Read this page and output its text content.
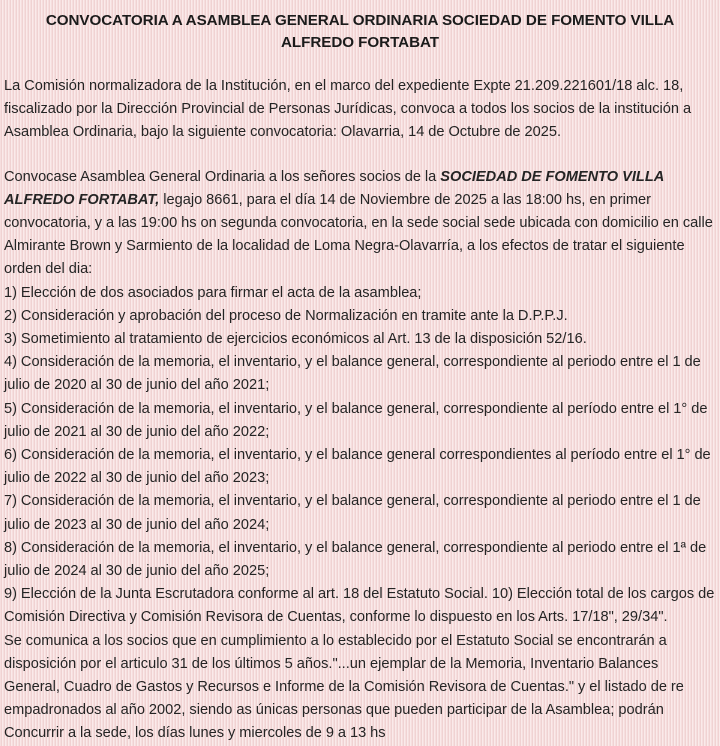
CONVOCATORIA A ASAMBLEA GENERAL ORDINARIA SOCIEDAD DE FOMENTO VILLA ALFREDO FORTABAT

La Comisión normalizadora de la Institución, en el marco del expediente Expte 21.209.221601/18 alc. 18, fiscalizado por la Dirección Provincial de Personas Jurídicas, convoca a todos los socios de la institución a Asamblea Ordinaria, bajo la siguiente convocatoria: Olavarria, 14 de Octubre de 2025.

Convocase Asamblea General Ordinaria a los señores socios de la SOCIEDAD DE FOMENTO VILLA ALFREDO FORTABAT, legajo 8661, para el día 14 de Noviembre de 2025 a las 18:00 hs, en primer convocatoria, y a las 19:00 hs on segunda convocatoria, en la sede social sede ubicada con domicilio en calle Almirante Brown y Sarmiento de la localidad de Loma Negra-Olavarría, a los efectos de tratar el siguiente orden del dia:

1) Elección de dos asociados para firmar el acta de la asamblea;

2) Consideración y aprobación del proceso de Normalización en tramite ante la D.P.P.J.

3) Sometimiento al tratamiento de ejercicios económicos al Art. 13 de la disposición 52/16.

4) Consideración de la memoria, el inventario, y el balance general, correspondiente al periodo entre el 1 de julio de 2020 al 30 de junio del año 2021;

5) Consideración de la memoria, el inventario, y el balance general, correspondiente al período entre el 1° de julio de 2021 al 30 de junio del año 2022;

6) Consideración de la memoria, el inventario, y el balance general correspondientes al período entre el 1° de julio de 2022 al 30 de junio del año 2023;

7) Consideración de la memoria, el inventario, y el balance general, correspondiente al periodo entre el 1 de julio de 2023 al 30 de junio del año 2024;

8) Consideración de la memoria, el inventario, y el balance general, correspondiente al periodo entre el 1ª de julio de 2024 al 30 de junio del año 2025;

9) Elección de la Junta Escrutadora conforme al art. 18 del Estatuto Social. 10) Elección total de los cargos de Comisión Directiva y Comisión Revisora de Cuentas, conforme lo dispuesto en los Arts. 17/18", 29/34".

Se comunica a los socios que en cumplimiento a lo establecido por el Estatuto Social se encontrarán a disposición por el articulo 31 de los últimos 5 años."...un ejemplar de la Memoria, Inventario Balances General, Cuadro de Gastos y Recursos e Informe de la Comisión Revisora de Cuentas." y el listado de re empadronados al año 2002, siendo as únicas personas que pueden participar de la Asamblea; podrán Concurrir a la sede, los días lunes y miercoles de 9 a 13 hs
